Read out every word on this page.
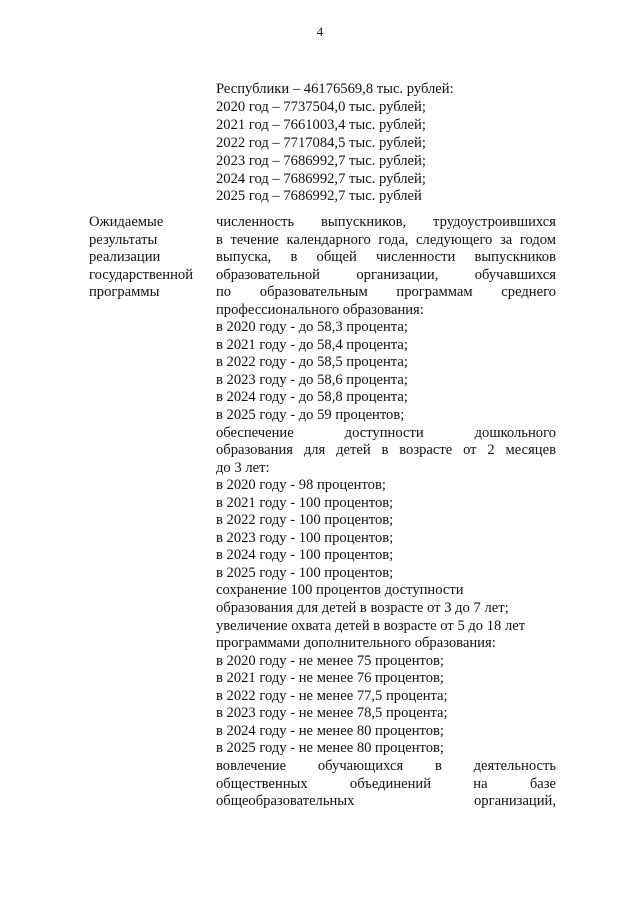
4
Республики – 46176569,8 тыс. рублей:
2020 год – 7737504,0 тыс. рублей;
2021 год – 7661003,4 тыс. рублей;
2022 год – 7717084,5 тыс. рублей;
2023 год – 7686992,7 тыс. рублей;
2024 год – 7686992,7 тыс. рублей;
2025 год – 7686992,7 тыс. рублей
Ожидаемые
результаты
реализации
государственной
программы
численность выпускников, трудоустроившихся
в течение календарного года, следующего за годом
выпуска, в общей численности выпускников
образовательной организации, обучавшихся
по образовательным программам среднего
профессионального образования:
в 2020 году - до 58,3 процента;
в 2021 году - до 58,4 процента;
в 2022 году - до 58,5 процента;
в 2023 году - до 58,6 процента;
в 2024 году - до 58,8 процента;
в 2025 году - до 59 процентов;
обеспечение доступности дошкольного
образования для детей в возрасте от 2 месяцев
до 3 лет:
в 2020 году - 98 процентов;
в 2021 году - 100 процентов;
в 2022 году - 100 процентов;
в 2023 году - 100 процентов;
в 2024 году - 100 процентов;
в 2025 году - 100 процентов;
сохранение 100 процентов доступности
образования для детей в возрасте от 3 до 7 лет;
увеличение охвата детей в возрасте от 5 до 18 лет
программами дополнительного образования:
в 2020 году - не менее 75 процентов;
в 2021 году - не менее 76 процентов;
в 2022 году - не менее 77,5 процента;
в 2023 году - не менее 78,5 процента;
в 2024 году - не менее 80 процентов;
в 2025 году - не менее 80 процентов;
вовлечение обучающихся в деятельность
общественных объединений на базе
общеобразовательных организаций,
